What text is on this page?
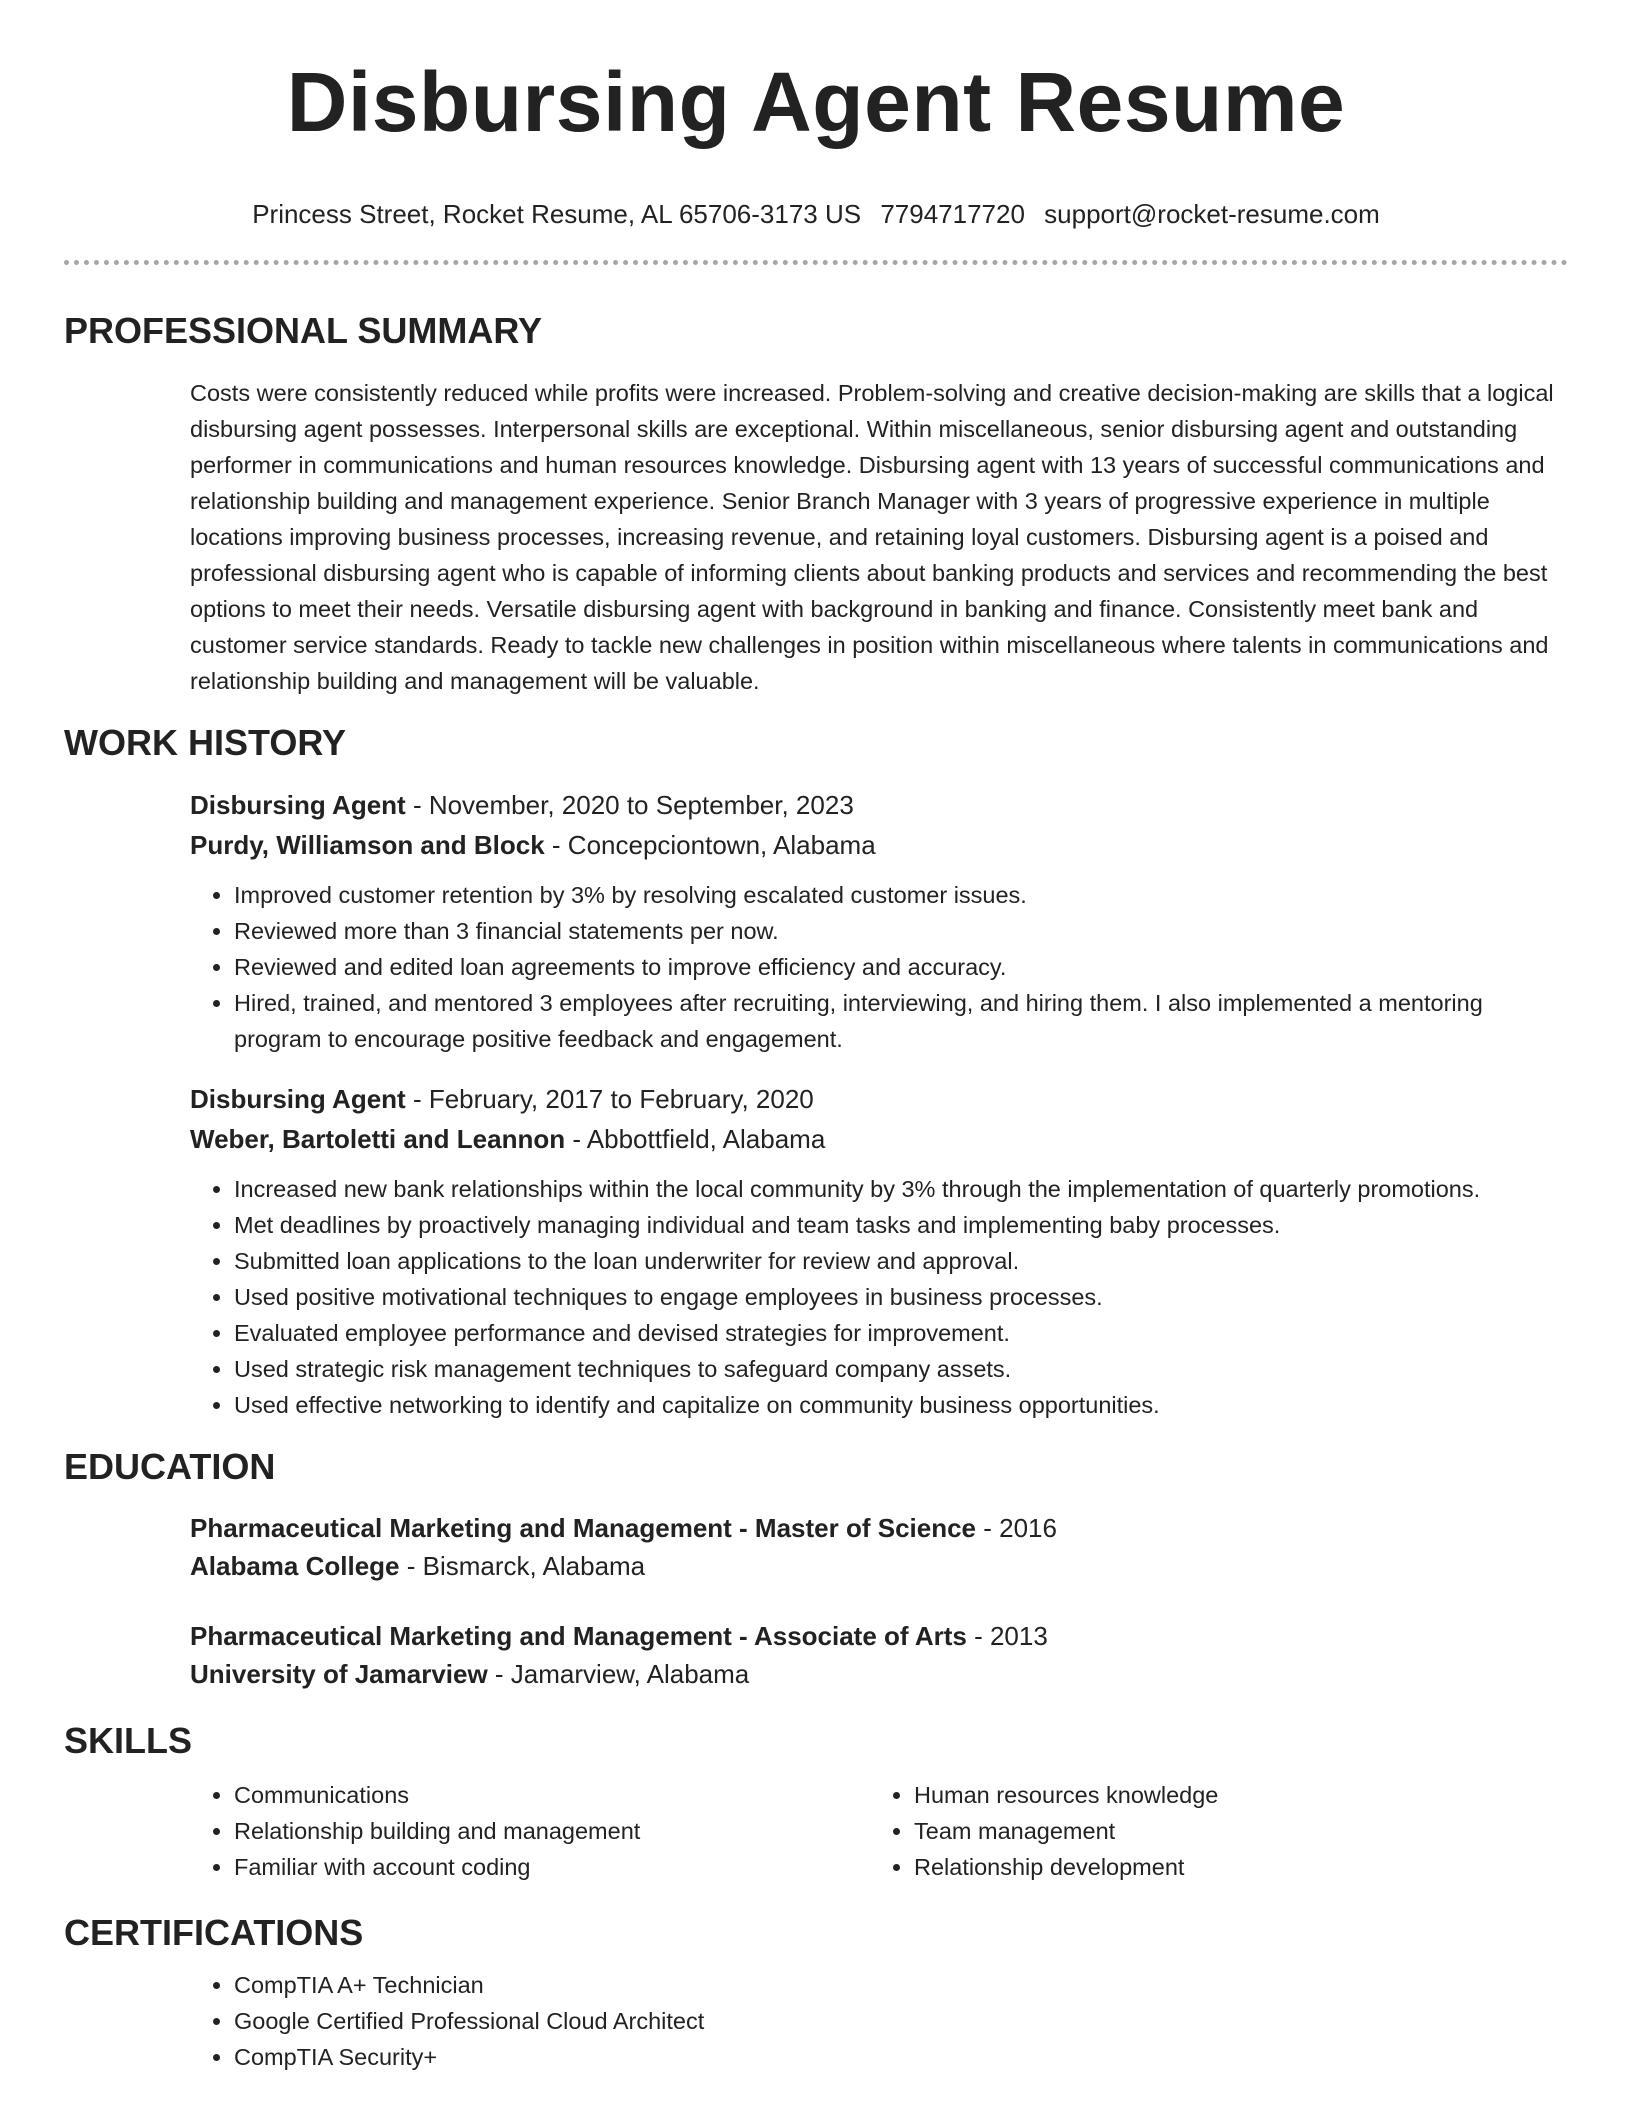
Disbursing Agent Resume
Princess Street, Rocket Resume, AL 65706-3173 US 7794717720 support@rocket-resume.com
PROFESSIONAL SUMMARY
Costs were consistently reduced while profits were increased. Problem-solving and creative decision-making are skills that a logical disbursing agent possesses. Interpersonal skills are exceptional. Within miscellaneous, senior disbursing agent and outstanding performer in communications and human resources knowledge. Disbursing agent with 13 years of successful communications and relationship building and management experience. Senior Branch Manager with 3 years of progressive experience in multiple locations improving business processes, increasing revenue, and retaining loyal customers. Disbursing agent is a poised and professional disbursing agent who is capable of informing clients about banking products and services and recommending the best options to meet their needs. Versatile disbursing agent with background in banking and finance. Consistently meet bank and customer service standards. Ready to tackle new challenges in position within miscellaneous where talents in communications and relationship building and management will be valuable.
WORK HISTORY
Disbursing Agent - November, 2020 to September, 2023
Purdy, Williamson and Block - Concepciontown, Alabama
• Improved customer retention by 3% by resolving escalated customer issues.
• Reviewed more than 3 financial statements per now.
• Reviewed and edited loan agreements to improve efficiency and accuracy.
• Hired, trained, and mentored 3 employees after recruiting, interviewing, and hiring them. I also implemented a mentoring program to encourage positive feedback and engagement.
Disbursing Agent - February, 2017 to February, 2020
Weber, Bartoletti and Leannon - Abbottfield, Alabama
• Increased new bank relationships within the local community by 3% through the implementation of quarterly promotions.
• Met deadlines by proactively managing individual and team tasks and implementing baby processes.
• Submitted loan applications to the loan underwriter for review and approval.
• Used positive motivational techniques to engage employees in business processes.
• Evaluated employee performance and devised strategies for improvement.
• Used strategic risk management techniques to safeguard company assets.
• Used effective networking to identify and capitalize on community business opportunities.
EDUCATION
Pharmaceutical Marketing and Management - Master of Science - 2016
Alabama College - Bismarck, Alabama
Pharmaceutical Marketing and Management - Associate of Arts - 2013
University of Jamarview - Jamarview, Alabama
SKILLS
• Communications
• Relationship building and management
• Familiar with account coding
• Human resources knowledge
• Team management
• Relationship development
CERTIFICATIONS
• CompTIA A+ Technician
• Google Certified Professional Cloud Architect
• CompTIA Security+
